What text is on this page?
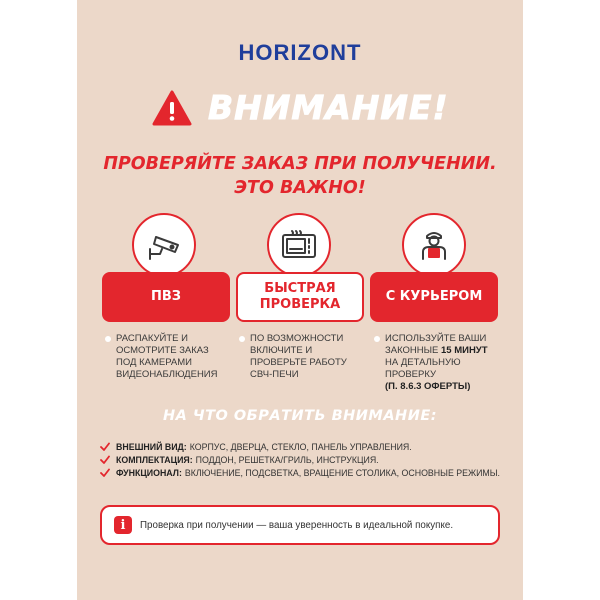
HORIZONT
ВНИМАНИЕ!
ПРОВЕРЯЙТЕ ЗАКАЗ ПРИ ПОЛУЧЕНИИ.
ЭТО ВАЖНО!
ПВЗ
РАСПАКУЙТЕ И
ОСМОТРИТЕ ЗАКАЗ
ПОД КАМЕРАМИ
ВИДЕОНАБЛЮДЕНИЯ
БЫСТРАЯ
ПРОВЕРКА
ПО ВОЗМОЖНОСТИ
ВКЛЮЧИТЕ И
ПРОВЕРЬТЕ РАБОТУ
СВЧ-ПЕЧИ
С КУРЬЕРОМ
ИСПОЛЬЗУЙТЕ ВАШИ
ЗАКОННЫЕ 15 МИНУТ
НА ДЕТАЛЬНУЮ
ПРОВЕРКУ
(П. 8.6.3 ОФЕРТЫ)
НА ЧТО ОБРАТИТЬ ВНИМАНИЕ:
ВНЕШНИЙ ВИД: КОРПУС, ДВЕРЦА, СТЕКЛО, ПАНЕЛЬ УПРАВЛЕНИЯ.
КОМПЛЕКТАЦИЯ: ПОДДОН, РЕШЕТКА/ГРИЛЬ, ИНСТРУКЦИЯ.
ФУНКЦИОНАЛ: ВКЛЮЧЕНИЕ, ПОДСВЕТКА, ВРАЩЕНИЕ СТОЛИКА, ОСНОВНЫЕ РЕЖИМЫ.
i	Проверка при получении — ваша уверенность в идеальной покупке.
